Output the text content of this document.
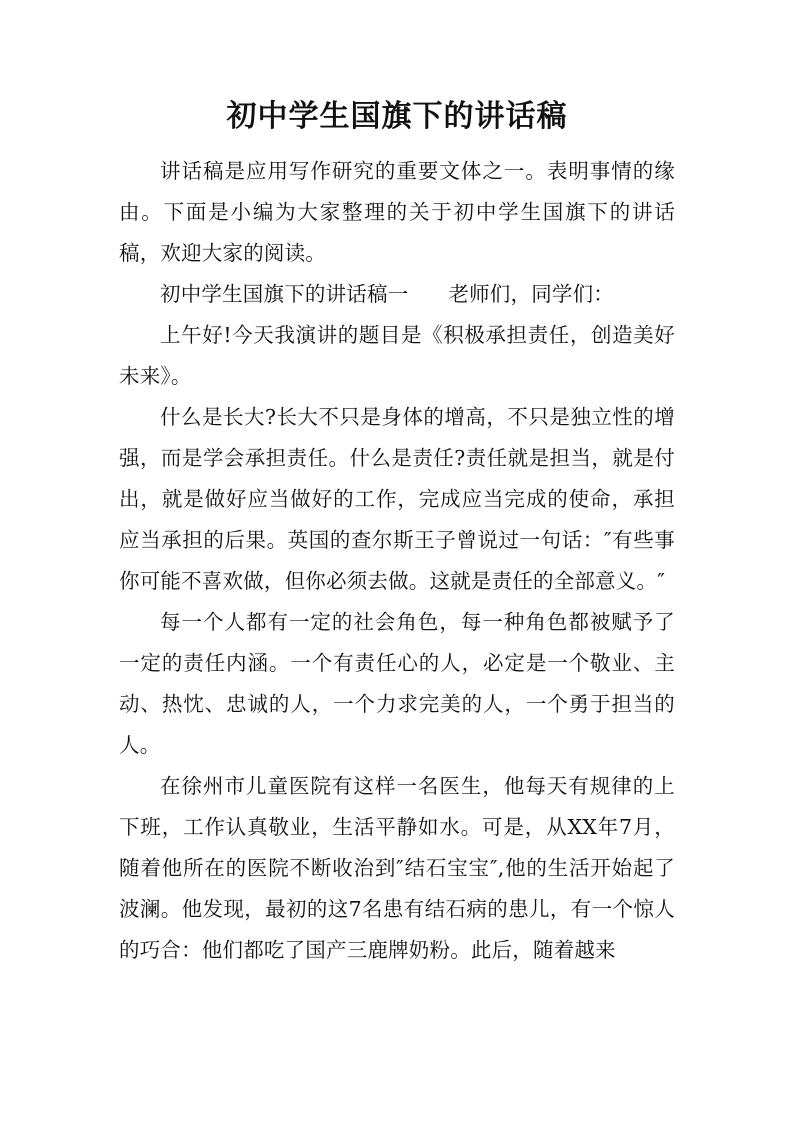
初中学生国旗下的讲话稿

讲话稿是应用写作研究的重要文体之一。表明事情的缘由。下面是小编为大家整理的关于初中学生国旗下的讲话稿，欢迎大家的阅读。

初中学生国旗下的讲话稿一 老师们，同学们：

上午好!今天我演讲的题目是《积极承担责任，创造美好未来》。

什么是长大?长大不只是身体的增高，不只是独立性的增强，而是学会承担责任。什么是责任?责任就是担当，就是付出，就是做好应当做好的工作，完成应当完成的使命，承担应当承担的后果。英国的查尔斯王子曾说过一句话：″有些事你可能不喜欢做，但你必须去做。这就是责任的全部意义。″

每一个人都有一定的社会角色，每一种角色都被赋予了一定的责任内涵。一个有责任心的人，必定是一个敬业、主动、热忱、忠诚的人，一个力求完美的人，一个勇于担当的人。

在徐州市儿童医院有这样一名医生，他每天有规律的上下班，工作认真敬业，生活平静如水。可是，从XX年7月，随着他所在的医院不断收治到″结石宝宝″,他的生活开始起了波澜。他发现，最初的这7名患有结石病的患儿，有一个惊人的巧合：他们都吃了国产三鹿牌奶粉。此后，随着越来
